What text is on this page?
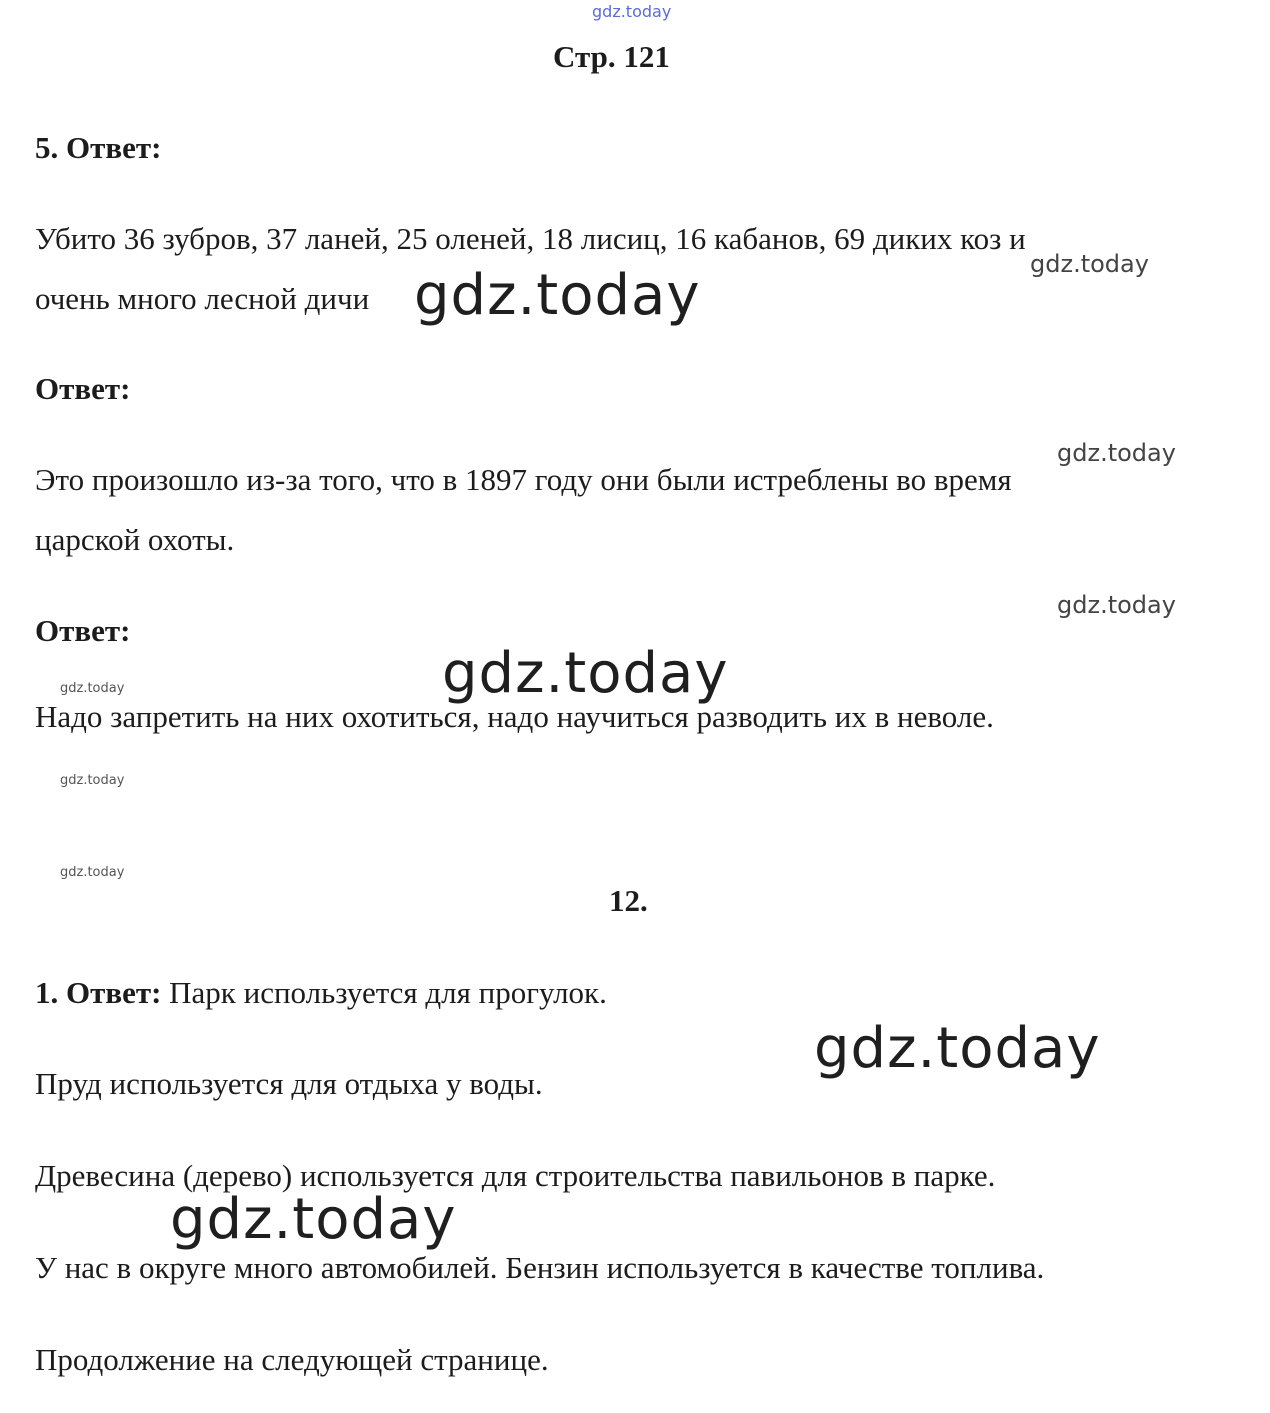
gdz.today
Стр. 121
5. Ответ:
Убито 36 зубров, 37 ланей, 25 оленей, 18 лисиц, 16 кабанов, 69 диких коз и
gdz.today
очень много лесной дичи gdz.today
Ответ:
gdz.today
Это произошло из-за того, что в 1897 году они были истреблены во время
царской охоты.
gdz.today
Ответ:
gdz.today
gdz.today
Надо запретить на них охотиться, надо научиться разводить их в неволе.
gdz.today
gdz.today
12.
1. Ответ: Парк используется для прогулок.
gdz.today
Пруд используется для отдыха у воды.
Древесина (дерево) используется для строительства павильонов в парке.
gdz.today
У нас в округе много автомобилей. Бензин используется в качестве топлива.
Продолжение на следующей странице.
